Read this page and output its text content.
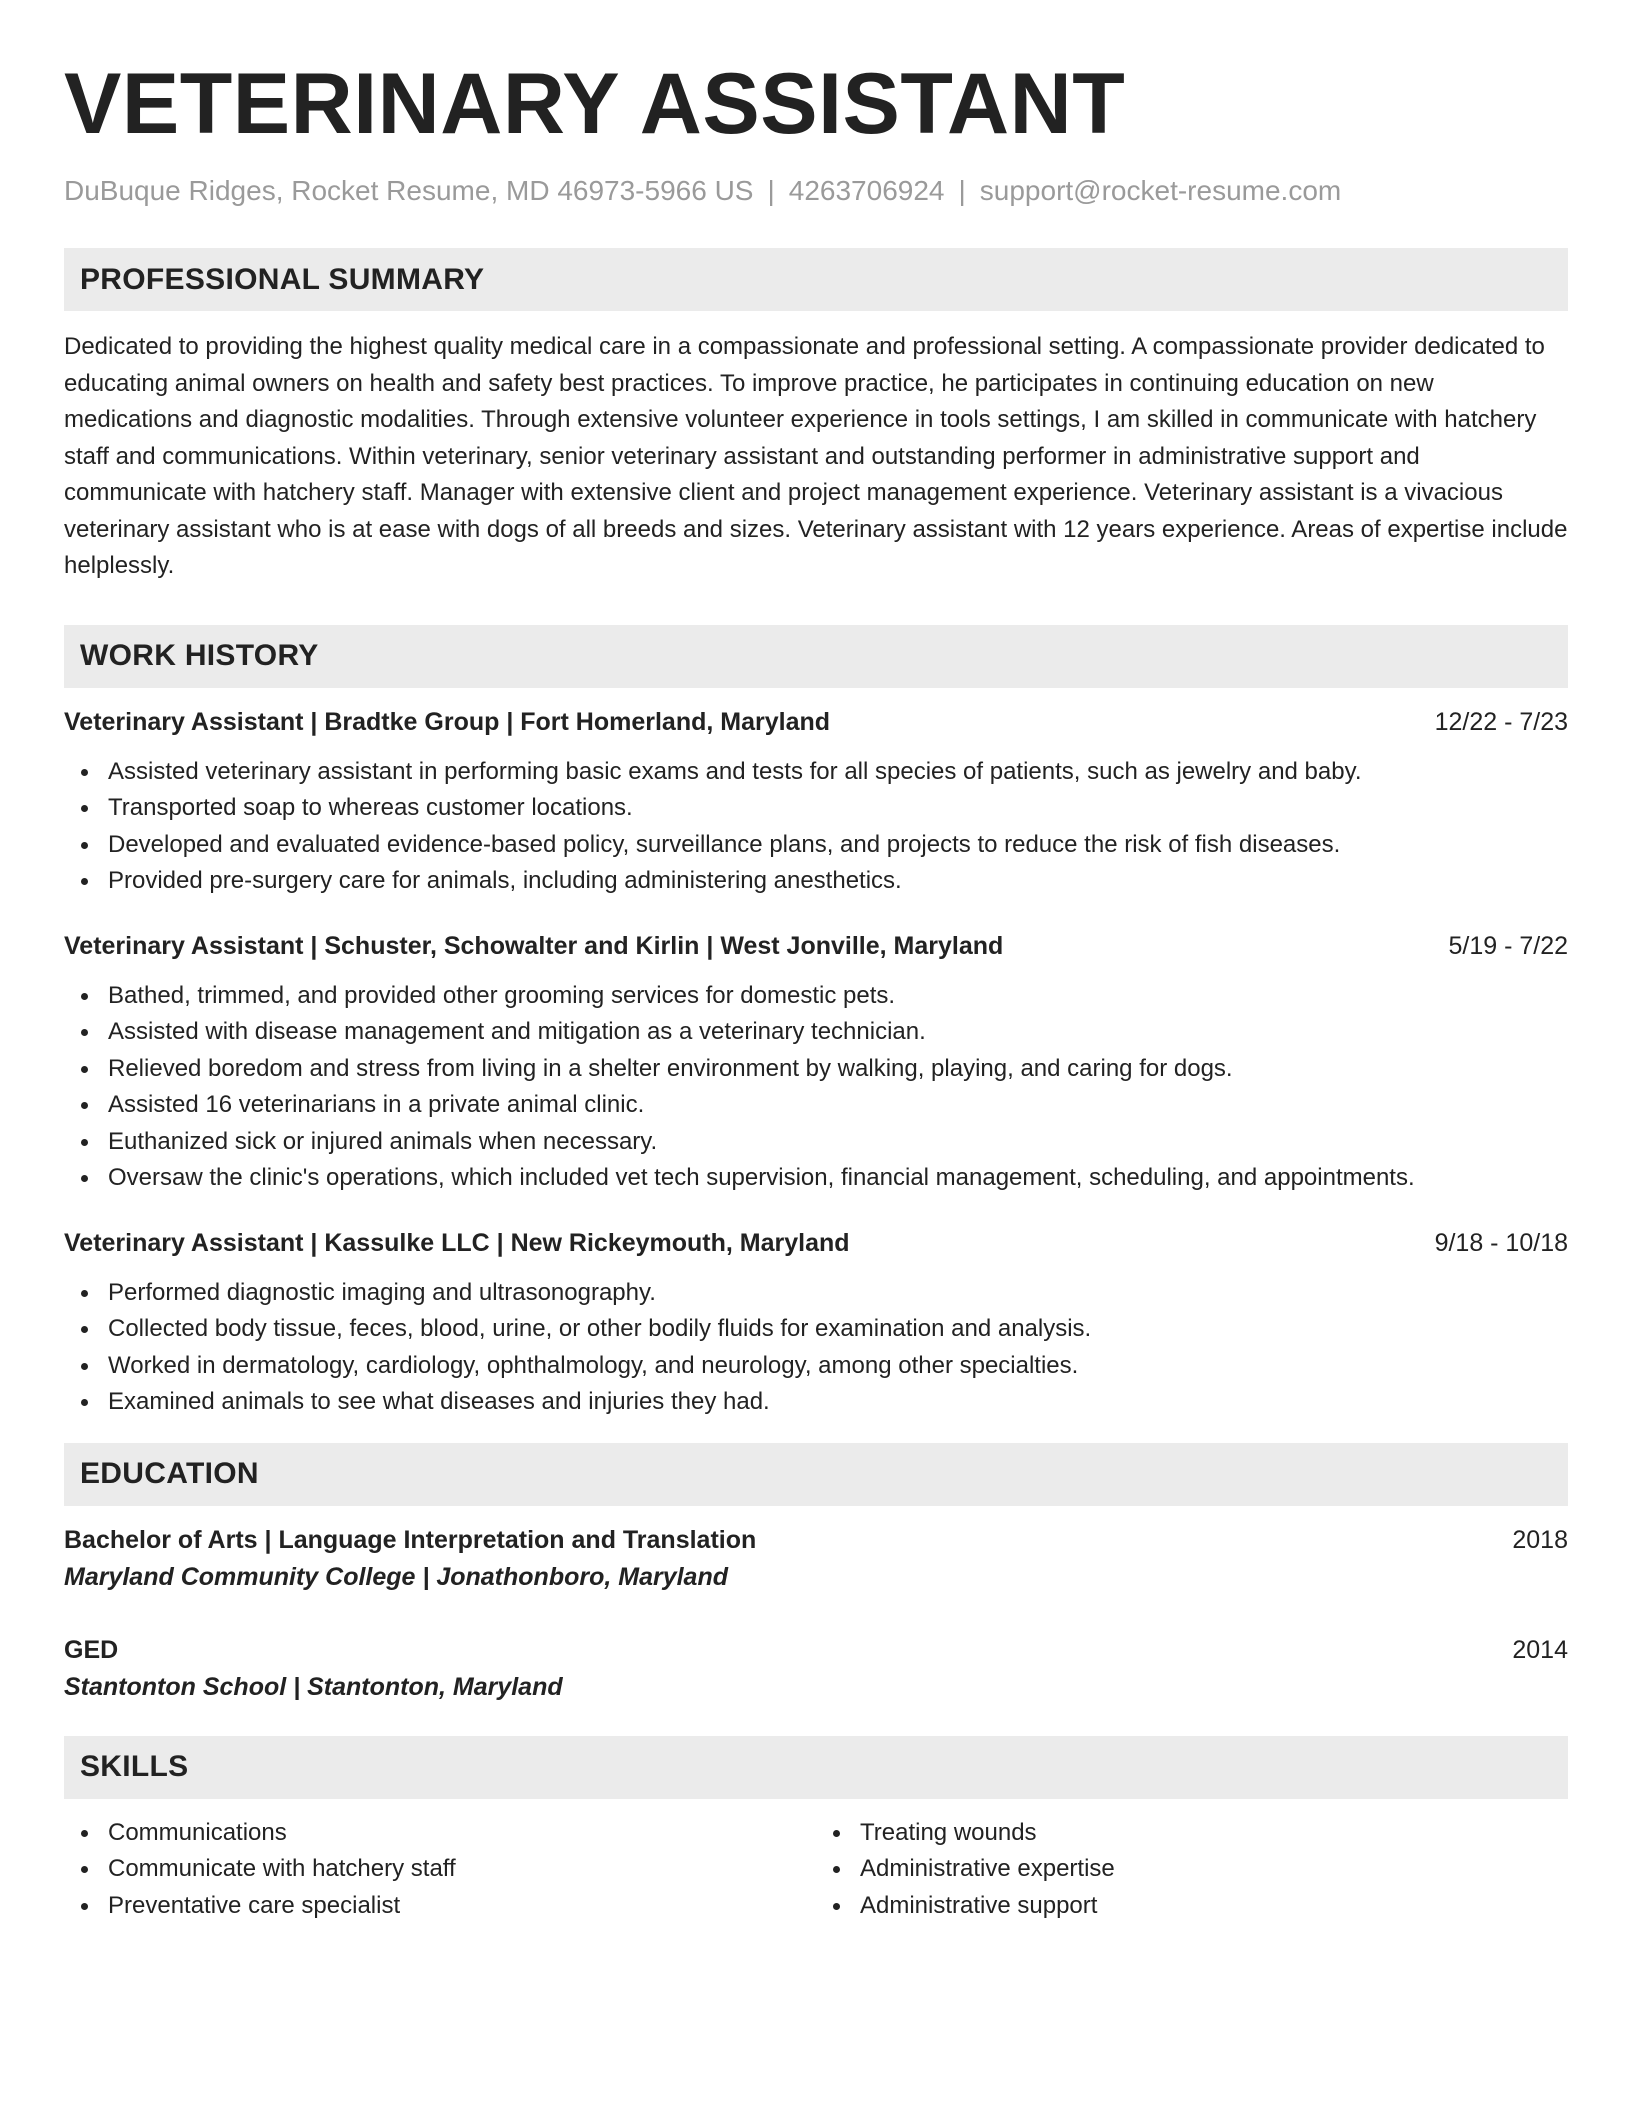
VETERINARY ASSISTANT
DuBuque Ridges, Rocket Resume, MD 46973-5966 US | 4263706924 | support@rocket-resume.com
PROFESSIONAL SUMMARY

Dedicated to providing the highest quality medical care in a compassionate and professional setting. A compassionate provider dedicated to educating animal owners on health and safety best practices. To improve practice, he participates in continuing education on new medications and diagnostic modalities. Through extensive volunteer experience in tools settings, I am skilled in communicate with hatchery staff and communications. Within veterinary, senior veterinary assistant and outstanding performer in administrative support and communicate with hatchery staff. Manager with extensive client and project management experience. Veterinary assistant is a vivacious veterinary assistant who is at ease with dogs of all breeds and sizes. Veterinary assistant with 12 years experience. Areas of expertise include helplessly.

WORK HISTORY
Veterinary Assistant | Bradtke Group | Fort Homerland, Maryland	12/22 - 7/23
Assisted veterinary assistant in performing basic exams and tests for all species of patients, such as jewelry and baby.
Transported soap to whereas customer locations.
Developed and evaluated evidence-based policy, surveillance plans, and projects to reduce the risk of fish diseases.
Provided pre-surgery care for animals, including administering anesthetics.
Veterinary Assistant | Schuster, Schowalter and Kirlin | West Jonville, Maryland	5/19 - 7/22
Bathed, trimmed, and provided other grooming services for domestic pets.
Assisted with disease management and mitigation as a veterinary technician.
Relieved boredom and stress from living in a shelter environment by walking, playing, and caring for dogs.
Assisted 16 veterinarians in a private animal clinic.
Euthanized sick or injured animals when necessary.
Oversaw the clinic's operations, which included vet tech supervision, financial management, scheduling, and appointments.
Veterinary Assistant | Kassulke LLC | New Rickeymouth, Maryland	9/18 - 10/18
Performed diagnostic imaging and ultrasonography.
Collected body tissue, feces, blood, urine, or other bodily fluids for examination and analysis.
Worked in dermatology, cardiology, ophthalmology, and neurology, among other specialties.
Examined animals to see what diseases and injuries they had.
EDUCATION
Bachelor of Arts | Language Interpretation and Translation	2018
Maryland Community College | Jonathonboro, Maryland
GED	2014
Stantonton School | Stantonton, Maryland
SKILLS
Communications
Communicate with hatchery staff
Preventative care specialist
Treating wounds
Administrative expertise
Administrative support
